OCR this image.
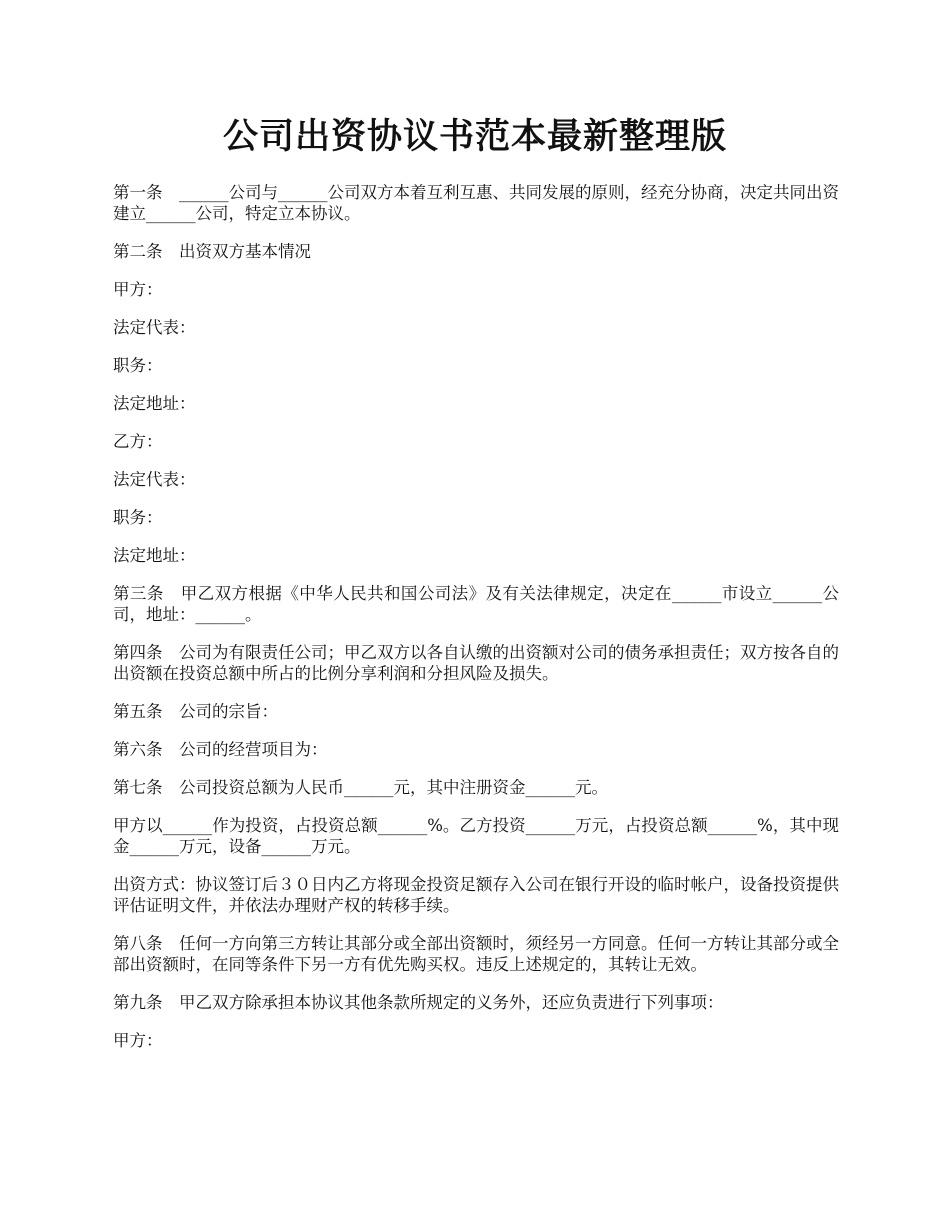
公司出资协议书范本最新整理版

第一条　______公司与______公司双方本着互利互惠、共同发展的原则，经充分协商，决定共同出资建立______公司，特定立本协议。

第二条　出资双方基本情况

甲方：

法定代表：

职务：

法定地址：

乙方：

法定代表：

职务：

法定地址：

第三条　甲乙双方根据《中华人民共和国公司法》及有关法律规定，决定在______市设立______公司，地址：______。

第四条　公司为有限责任公司；甲乙双方以各自认缴的出资额对公司的债务承担责任；双方按各自的出资额在投资总额中所占的比例分享利润和分担风险及损失。

第五条　公司的宗旨：

第六条　公司的经营项目为：

第七条　公司投资总额为人民币______元，其中注册资金______元。

甲方以______作为投资，占投资总额______%。乙方投资______万元，占投资总额______%，其中现金______万元，设备______万元。

出资方式：协议签订后３０日内乙方将现金投资足额存入公司在银行开设的临时帐户，设备投资提供评估证明文件，并依法办理财产权的转移手续。

第八条　任何一方向第三方转让其部分或全部出资额时，须经另一方同意。任何一方转让其部分或全部出资额时，在同等条件下另一方有优先购买权。违反上述规定的，其转让无效。

第九条　甲乙双方除承担本协议其他条款所规定的义务外，还应负责进行下列事项：

甲方：
